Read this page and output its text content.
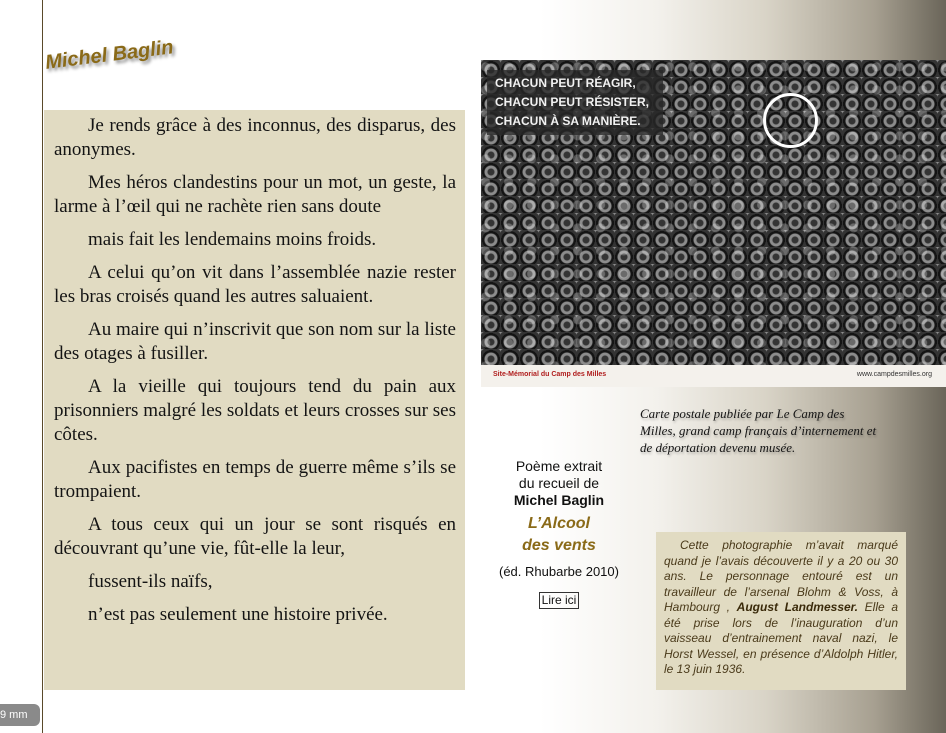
Michel Baglin

Je rends grâce à des inconnus, des disparus, des anonymes.

Mes héros clandestins pour un mot, un geste, la larme à l’œil qui ne rachète rien sans doute

mais fait les lendemains moins froids.

A celui qu’on vit dans l’assemblée nazie rester les bras croisés quand les autres saluaient.

Au maire qui n’inscrivit que son nom sur la liste des otages à fusiller.

A la vieille qui toujours tend du pain aux prisonniers malgré les soldats et leurs crosses sur ses côtes.

Aux pacifistes en temps de guerre même s’ils se trompaient.

A tous ceux qui un jour se sont risqués en découvrant qu’une vie, fût-elle la leur,

fussent-ils naïfs,

n’est pas seulement une histoire privée.

CHACUN PEUT RÉAGIR,
CHACUN PEUT RÉSISTER,
CHACUN À SA MANIÈRE.
Site-Mémorial du Camp des Milles	www.campdesmilles.org
Carte postale publiée par Le Camp des Milles, grand camp français d’internement et de déportation devenu musée.
Poème extrait
du recueil de
Michel Baglin
L’Alcool
des vents
(éd. Rhubarbe 2010)
Lire ici
Cette photographie m’avait marqué quand je l’avais découverte il y a 20 ou 30 ans. Le personnage entouré est un travailleur de l’arsenal Blohm & Voss, à Hambourg , August Landmesser. Elle a été prise lors de l’inauguration d’un vaisseau d’entrainement naval nazi, le Horst Wessel, en présence d’Aldolph Hitler, le 13 juin 1936.
9 mm
